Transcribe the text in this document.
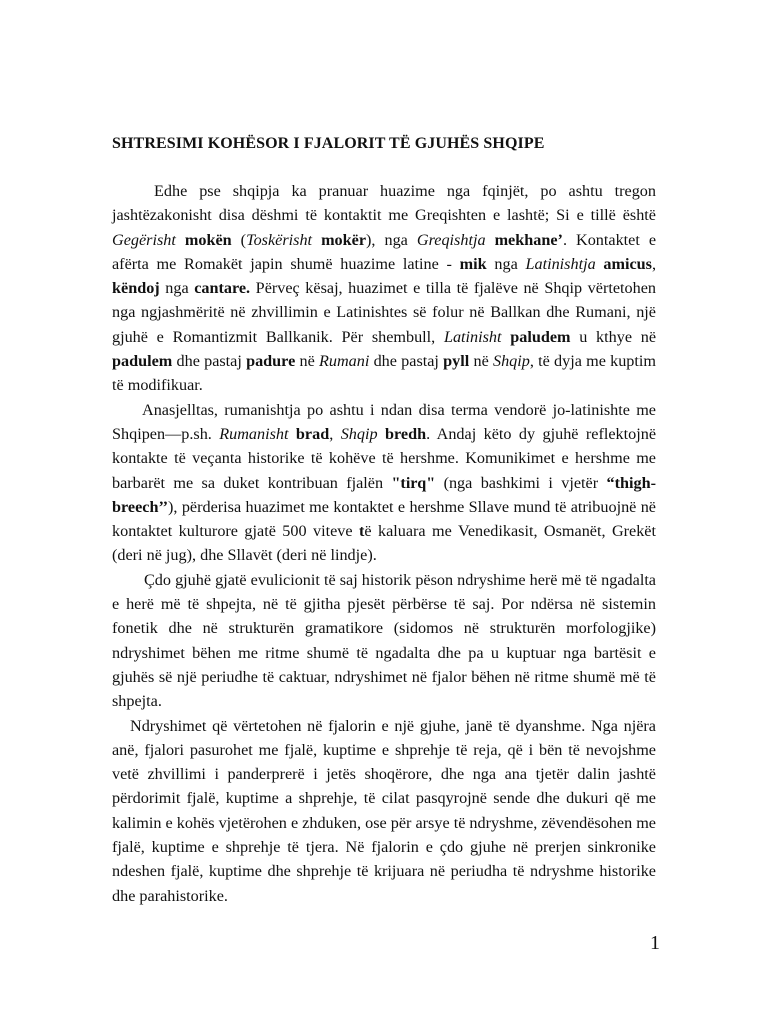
SHTRESIMI KOHËSOR I FJALORIT TË GJUHËS SHQIPE

Edhe pse shqipja ka pranuar huazime nga fqinjët, po ashtu tregon jashtëzakonisht disa dëshmi të kontaktit me Greqishten e lashtë; Si e tillë është Gegërisht mokën (Toskërisht mokër), nga Greqishtja mekhane’. Kontaktet e afërta me Romakët japin shumë huazime latine - mik nga Latinishtja amicus, këndoj nga cantare. Përveç kësaj, huazimet e tilla të fjalëve në Shqip vërtetohen nga ngjashmëritë në zhvillimin e Latinishtes së folur në Ballkan dhe Rumani, një gjuhë e Romantizmit Ballkanik. Për shembull, Latinisht paludem u kthye në padulem dhe pastaj padure në Rumani dhe pastaj pyll në Shqip, të dyja me kuptim të modifikuar.

Anasjelltas, rumanishtja po ashtu i ndan disa terma vendorë jo-latinishte me Shqipen—p.sh. Rumanisht brad, Shqip bredh. Andaj këto dy gjuhë reflektojnë kontakte të veçanta historike të kohëve të hershme. Komunikimet e hershme me barbarët me sa duket kontribuan fjalën "tirq" (nga bashkimi i vjetër “thigh-breech’’), përderisa huazimet me kontaktet e hershme Sllave mund të atribuojnë në kontaktet kulturore gjatë 500 viteve të kaluara me Venedikasit, Osmanët, Grekët (deri në jug), dhe Sllavët (deri në lindje).

Çdo gjuhë gjatë evulicionit të saj historik pëson ndryshime herë më të ngadalta e herë më të shpejta, në të gjitha pjesët përbërse të saj. Por ndërsa në sistemin fonetik dhe në strukturën gramatikore (sidomos në strukturën morfologjike) ndryshimet bëhen me ritme shumë të ngadalta dhe pa u kuptuar nga bartësit e gjuhës së një periudhe të caktuar, ndryshimet në fjalor bëhen në ritme shumë më të shpejta.

Ndryshimet që vërtetohen në fjalorin e një gjuhe, janë të dyanshme. Nga njëra anë, fjalori pasurohet me fjalë, kuptime e shprehje të reja, që i bën të nevojshme vetë zhvillimi i panderprerë i jetës shoqërore, dhe nga ana tjetër dalin jashtë përdorimit fjalë, kuptime a shprehje, të cilat pasqyrojnë sende dhe dukuri që me kalimin e kohës vjetërohen e zhduken, ose për arsye të ndryshme, zëvendësohen me fjalë, kuptime e shprehje të tjera. Në fjalorin e çdo gjuhe në prerjen sinkronike ndeshen fjalë, kuptime dhe shprehje të krijuara në periudha të ndryshme historike dhe parahistorike.

1
